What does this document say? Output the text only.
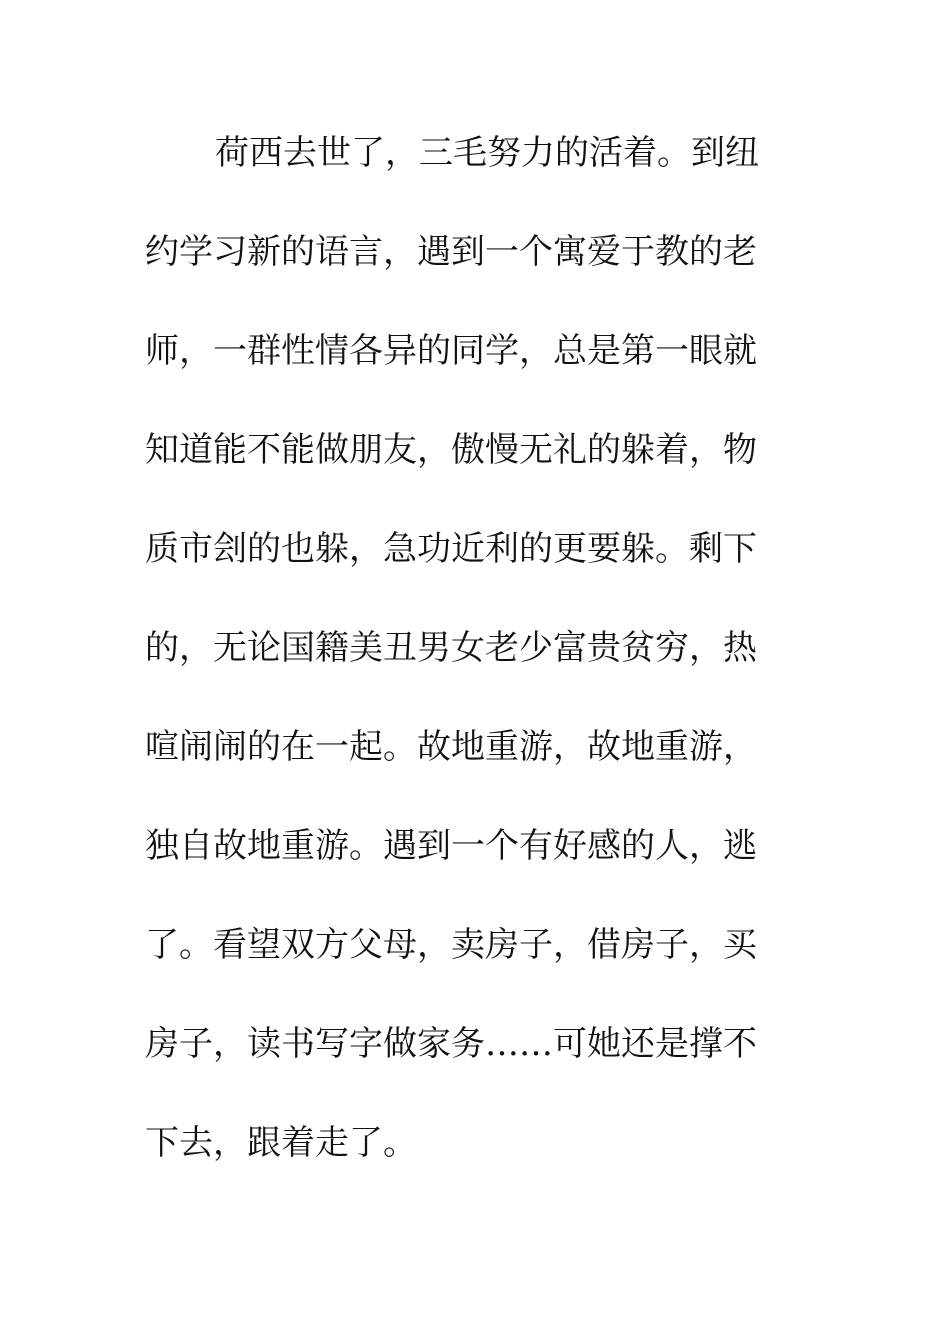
荷西去世了，三毛努力的活着。到纽
约学习新的语言，遇到一个寓爱于教的老
师，一群性情各异的同学，总是第一眼就
知道能不能做朋友，傲慢无礼的躲着，物
质市刽的也躲，急功近利的更要躲。剩下
的，无论国籍美丑男女老少富贵贫穷，热
喧闹闹的在一起。故地重游，故地重游，
独自故地重游。遇到一个有好感的人，逃
了。看望双方父母，卖房子，借房子，买
房子，读书写字做家务……可她还是撑不
下去，跟着走了。
